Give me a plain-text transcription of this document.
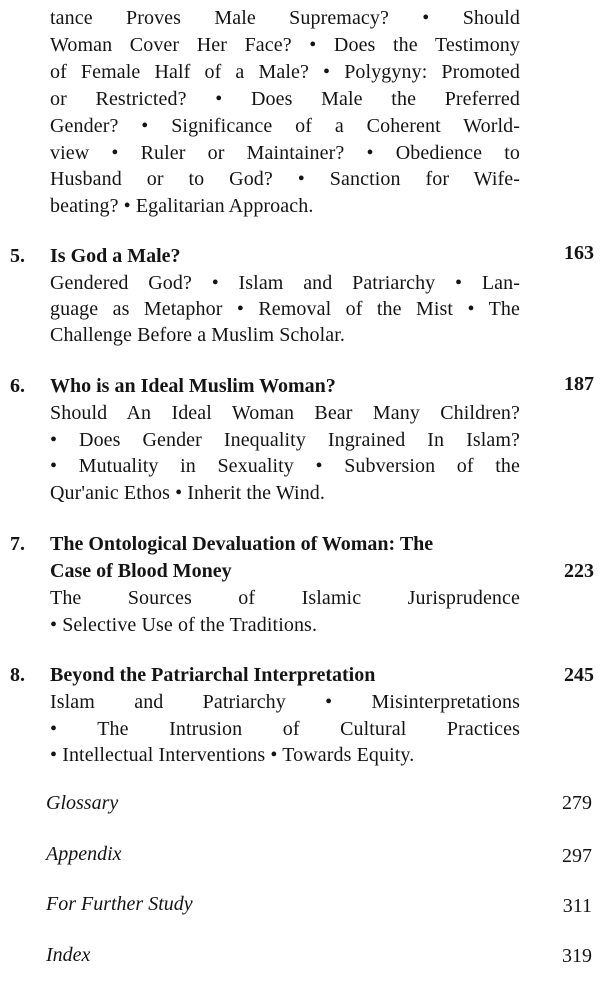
tance Proves Male Supremacy? • Should
Woman Cover Her Face? • Does the Testimony
of Female Half of a Male? • Polygyny: Promoted
or Restricted? • Does Male the Preferred
Gender? • Significance of a Coherent World-
view • Ruler or Maintainer? • Obedience to
Husband or to God? • Sanction for Wife-
beating? • Egalitarian Approach.
5. Is God a Male?	163
Gendered God? • Islam and Patriarchy • Lan-
guage as Metaphor • Removal of the Mist • The
Challenge Before a Muslim Scholar.
6. Who is an Ideal Muslim Woman?	187
Should An Ideal Woman Bear Many Children?
• Does Gender Inequality Ingrained In Islam?
• Mutuality in Sexuality • Subversion of the
Qur'anic Ethos • Inherit the Wind.
7. The Ontological Devaluation of Woman: The
Case of Blood Money	223
The Sources of Islamic Jurisprudence
• Selective Use of the Traditions.
8. Beyond the Patriarchal Interpretation	245
Islam and Patriarchy • Misinterpretations
• The Intrusion of Cultural Practices
• Intellectual Interventions • Towards Equity.
Glossary	279
Appendix	297
For Further Study	311
Index	319
